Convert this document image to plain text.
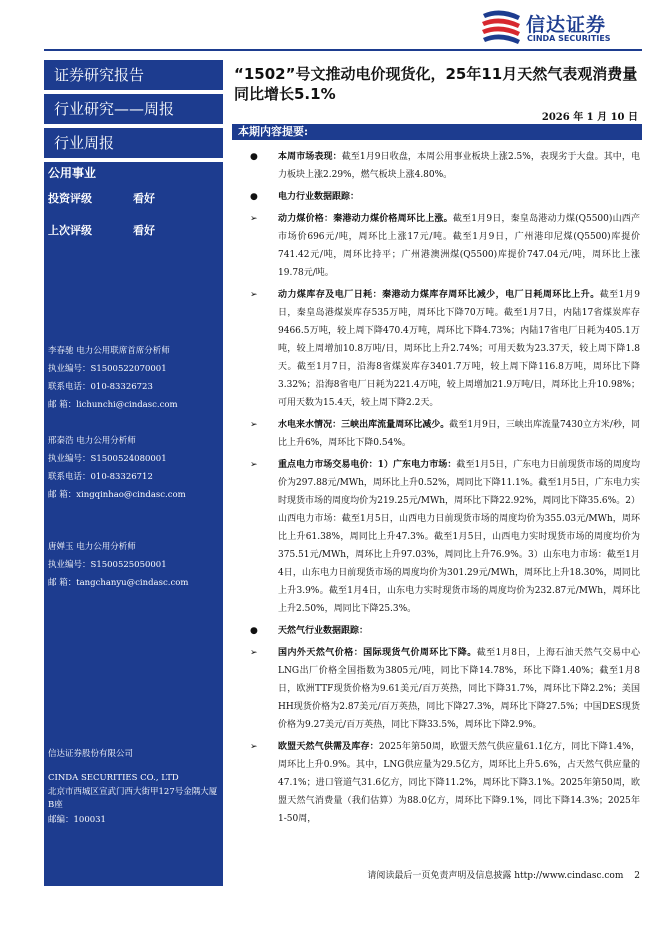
信达证券
CINDA SECURITIES
证券研究报告
行业研究——周报
行业周报
公用事业
投资评级	看好
上次评级	看好
李春驰 电力公用联席首席分析师
执业编号：S1500522070001
联系电话：010-83326723
邮 箱：lichunchi@cindasc.com
邢秦浩 电力公用分析师
执业编号：S1500524080001
联系电话：010-83326712
邮 箱：xingqinhao@cindasc.com
唐婵玉 电力公用分析师
执业编号：S1500525050001
邮 箱：tangchanyu@cindasc.com
信达证券股份有限公司
CINDA SECURITIES CO., LTD
北京市西城区宣武门西大街甲127号金隅大厦B座
邮编：100031
“1502”号文推动电价现货化，25年11月天然气表观消费量同比增长5.1%
2026 年 1 月 10 日
本期内容提要:
● 本周市场表现：截至1月9日收盘，本周公用事业板块上涨2.5%，表现劣于大盘。其中，电力板块上涨2.29%，燃气板块上涨4.80%。
● 电力行业数据跟踪：
➢ 动力煤价格：秦港动力煤价格周环比上涨。截至1月9日，秦皇岛港动力煤(Q5500)山西产市场价696元/吨，周环比上涨17元/吨。截至1月9日，广州港印尼煤(Q5500)库提价741.42元/吨，周环比持平；广州港澳洲煤(Q5500)库提价747.04元/吨，周环比上涨19.78元/吨。
➢ 动力煤库存及电厂日耗：秦港动力煤库存周环比减少，电厂日耗周环比上升。截至1月9日，秦皇岛港煤炭库存535万吨，周环比下降70万吨。截至1月7日，内陆17省煤炭库存9466.5万吨，较上周下降470.4万吨，周环比下降4.73%；内陆17省电厂日耗为405.1万吨，较上周增加10.8万吨/日，周环比上升2.74%；可用天数为23.37天，较上周下降1.8天。截至1月7日，沿海8省煤炭库存3401.7万吨，较上周下降116.8万吨，周环比下降3.32%；沿海8省电厂日耗为221.4万吨，较上周增加21.9万吨/日，周环比上升10.98%；可用天数为15.4天，较上周下降2.2天。
➢ 水电来水情况：三峡出库流量周环比减少。截至1月9日，三峡出库流量7430立方米/秒，同比上升6%，周环比下降0.54%。
➢ 重点电力市场交易电价：1）广东电力市场：截至1月5日，广东电力日前现货市场的周度均价为297.88元/MWh，周环比上升0.52%，周同比下降11.1%。截至1月5日，广东电力实时现货市场的周度均价为219.25元/MWh，周环比下降22.92%，周同比下降35.6%。2）山西电力市场：截至1月5日，山西电力日前现货市场的周度均价为355.03元/MWh，周环比上升61.38%，周同比上升47.3%。截至1月5日，山西电力实时现货市场的周度均价为375.51元/MWh，周环比上升97.03%，周同比上升76.9%。3）山东电力市场：截至1月4日，山东电力日前现货市场的周度均价为301.29元/MWh，周环比上升18.30%，周同比上升3.9%。截至1月4日，山东电力实时现货市场的周度均价为232.87元/MWh，周环比上升2.50%，周同比下降25.3%。
● 天然气行业数据跟踪：
➢ 国内外天然气价格：国际现货气价周环比下降。截至1月8日，上海石油天然气交易中心LNG出厂价格全国指数为3805元/吨，同比下降14.78%，环比下降1.40%；截至1月8日，欧洲TTF现货价格为9.61美元/百万英热，同比下降31.7%，周环比下降2.2%；美国HH现货价格为2.87美元/百万英热，同比下降27.3%，周环比下降27.5%；中国DES现货价格为9.27美元/百万英热，同比下降33.5%，周环比下降2.9%。
➢ 欧盟天然气供需及库存：2025年第50周，欧盟天然气供应量61.1亿方，同比下降1.4%，周环比上升0.9%。其中，LNG供应量为29.5亿方，周环比上升5.6%，占天然气供应量的47.1%；进口管道气31.6亿方，同比下降11.2%，周环比下降3.1%。2025年第50周，欧盟天然气消费量（我们估算）为88.0亿方，周环比下降9.1%，同比下降14.3%；2025年1-50周，
请阅读最后一页免责声明及信息披露 http://www.cindasc.com 2
